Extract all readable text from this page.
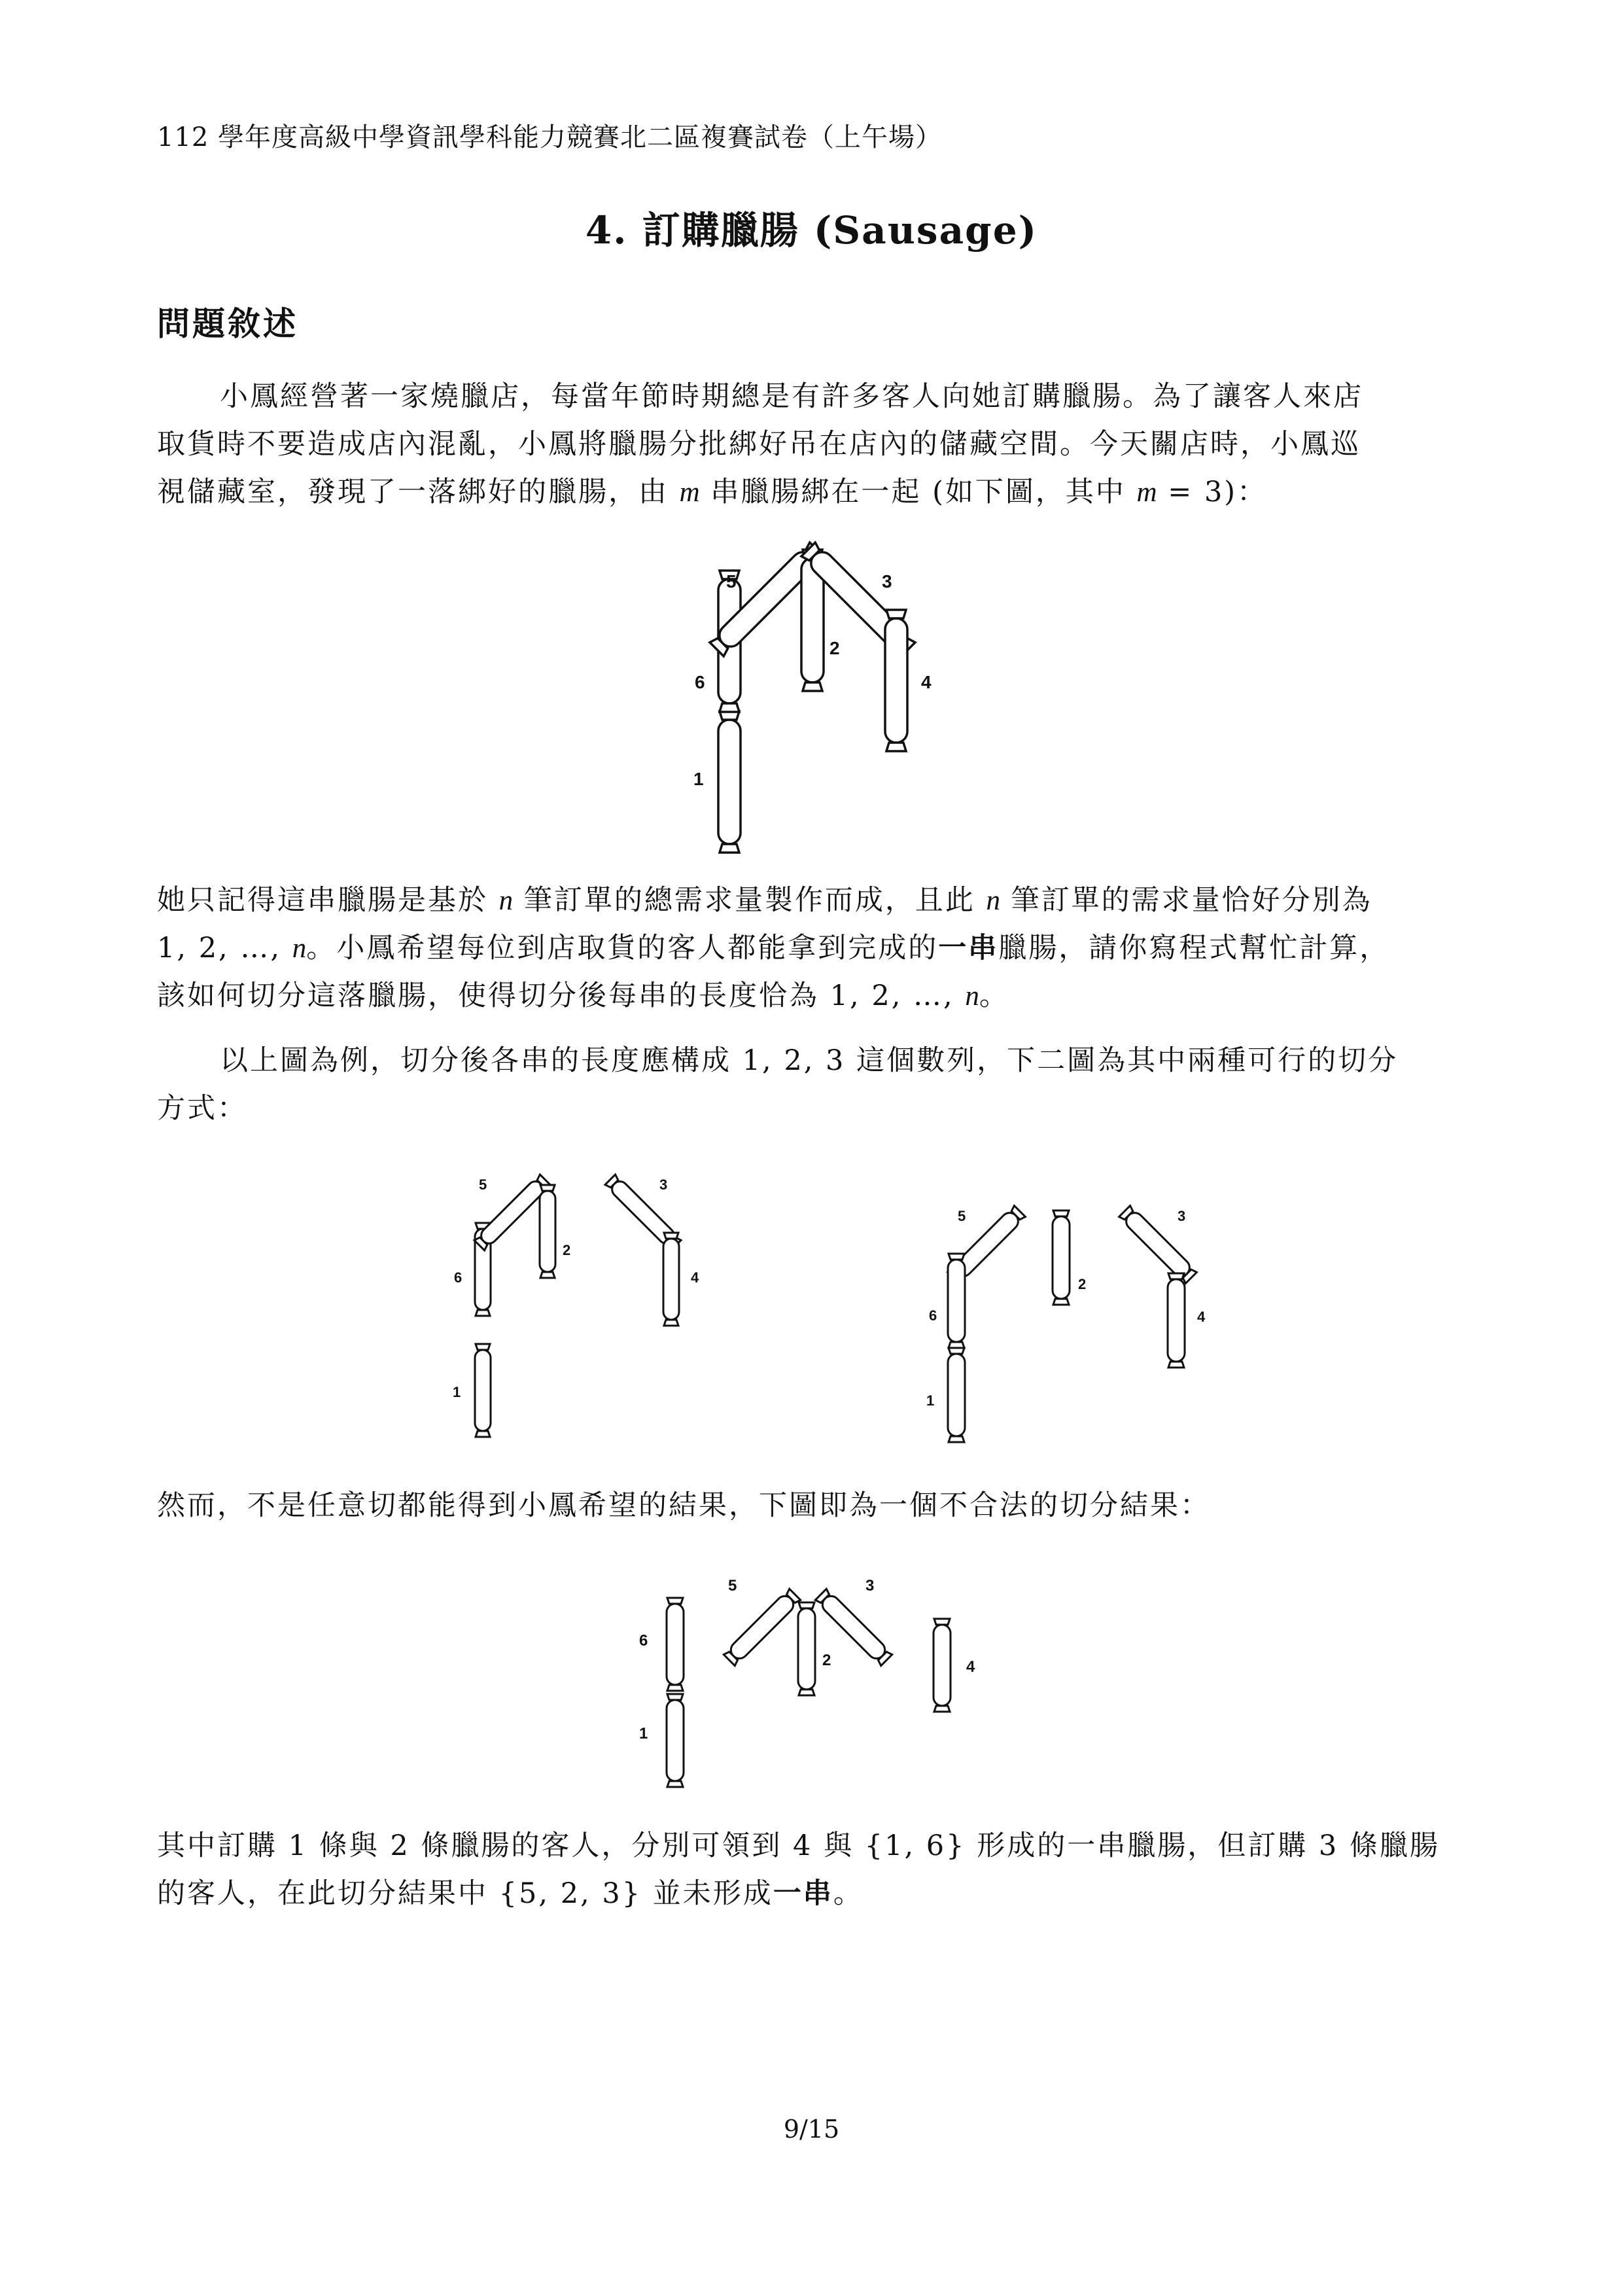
112 學年度高級中學資訊學科能力競賽北二區複賽試卷（上午場）
4. 訂購臘腸 (Sausage)
問題敘述
小鳳經營著一家燒臘店，每當年節時期總是有許多客人向她訂購臘腸。為了讓客人來店
取貨時不要造成店內混亂，小鳳將臘腸分批綁好吊在店內的儲藏空間。今天關店時，小鳳巡
視儲藏室，發現了一落綁好的臘腸，由 m 串臘腸綁在一起 (如下圖，其中 m = 3)：
5	3
2
6	4
1
她只記得這串臘腸是基於 n 筆訂單的總需求量製作而成，且此 n 筆訂單的需求量恰好分別為
1, 2, …, n。小鳳希望每位到店取貨的客人都能拿到完成的一串臘腸，請你寫程式幫忙計算，
該如何切分這落臘腸，使得切分後每串的長度恰為 1, 2, …, n。
以上圖為例，切分後各串的長度應構成 1, 2, 3 這個數列，下二圖為其中兩種可行的切分
方式：
5
2
3
6	4
1
5
2
3
6	4
1
然而，不是任意切都能得到小鳳希望的結果，下圖即為一個不合法的切分結果：
5	3
2
6
4
1
其中訂購 1 條與 2 條臘腸的客人，分別可領到 4 與 {1, 6} 形成的一串臘腸，但訂購 3 條臘腸
的客人，在此切分結果中 {5, 2, 3} 並未形成一串。
9/15
